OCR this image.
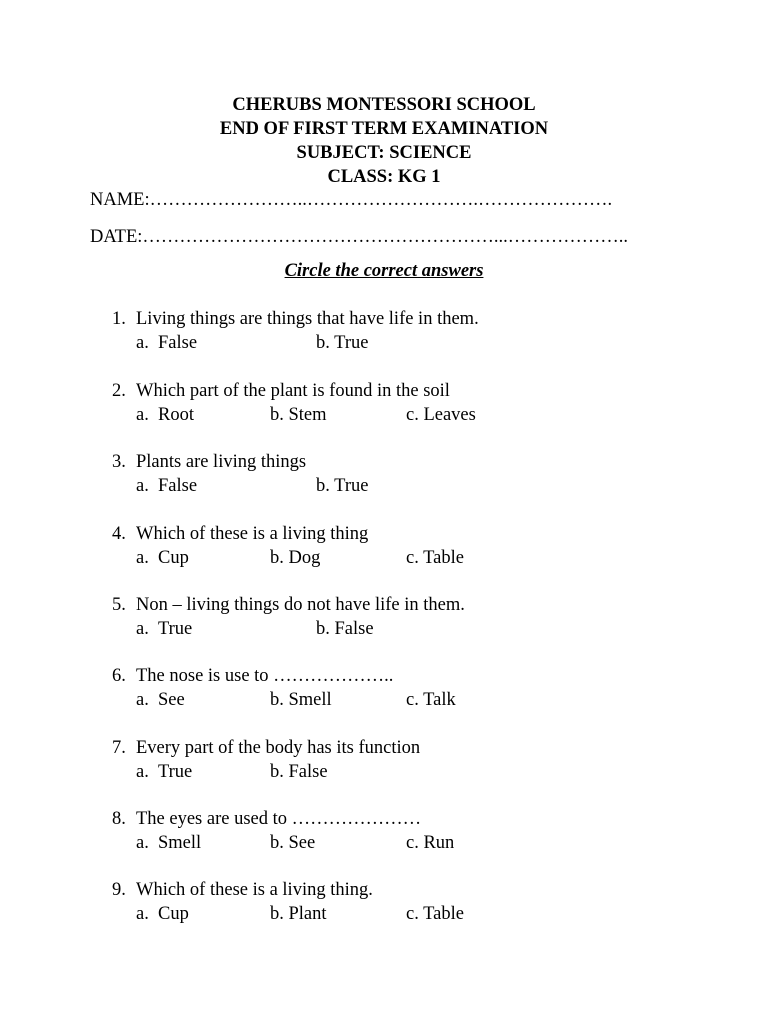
CHERUBS MONTESSORI SCHOOL
END OF FIRST TERM EXAMINATION
SUBJECT: SCIENCE
CLASS: KG 1
NAME:……………………..……………………….………………….
DATE:…………………………………………………...………………..
Circle the correct answers
1. Living things are things that have life in them.
a. False	b. True
2. Which part of the plant is found in the soil
a. Root	b. Stem	c. Leaves
3. Plants are living things
a. False	b. True
4. Which of these is a living thing
a. Cup	b. Dog	c. Table
5. Non – living things do not have life in them.
a. True	b. False
6. The nose is use to ………………..
a. See	b. Smell	c. Talk
7. Every part of the body has its function
a. True	b. False
8. The eyes are used to …………………
a. Smell	b. See	c. Run
9. Which of these is a living thing.
a. Cup	b. Plant	c. Table
